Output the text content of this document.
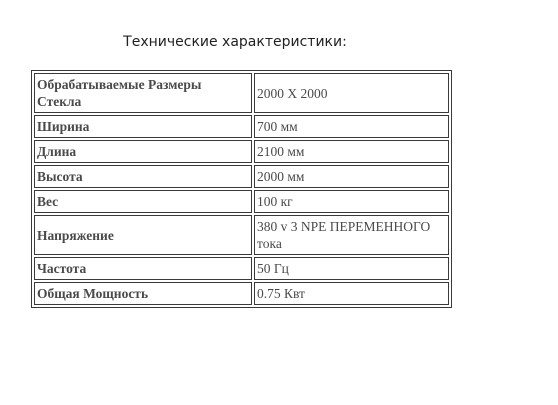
Технические характеристики:
Обрабатываемые Размеры Стекла	2000 X 2000
Ширина	700 мм
Длина	2100 мм
Высота	2000 мм
Вес	100 кг
Напряжение	380 v 3 NPE ПЕРЕМЕННОГО тока
Частота	50 Гц
Общая Мощность	0.75 Квт
